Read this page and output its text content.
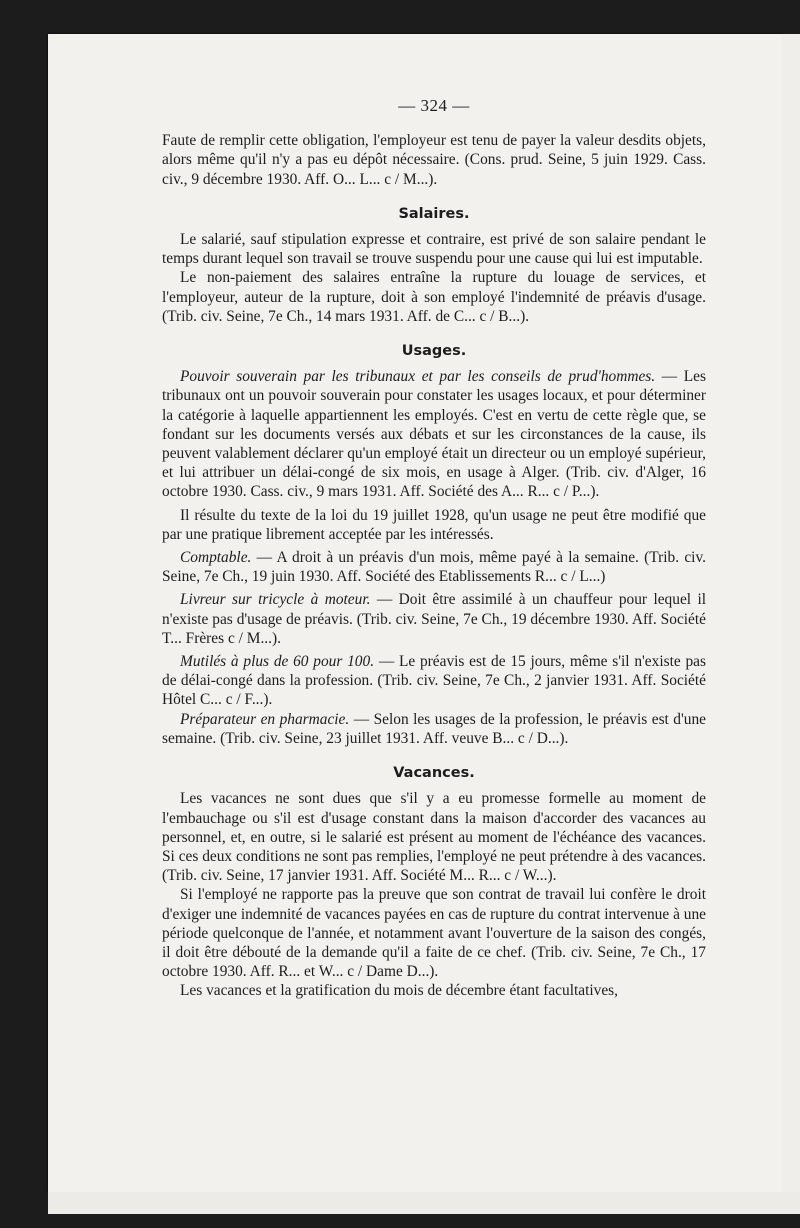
— 324 —

Faute de remplir cette obligation, l'employeur est tenu de payer la valeur desdits objets, alors même qu'il n'y a pas eu dépôt nécessaire. (Cons. prud. Seine, 5 juin 1929. Cass. civ., 9 décembre 1930. Aff. O... L... c / M...).

Salaires.

Le salarié, sauf stipulation expresse et contraire, est privé de son salaire pendant le temps durant lequel son travail se trouve suspendu pour une cause qui lui est imputable.

Le non-paiement des salaires entraîne la rupture du louage de services, et l'employeur, auteur de la rupture, doit à son employé l'indemnité de préavis d'usage. (Trib. civ. Seine, 7e Ch., 14 mars 1931. Aff. de C... c / B...).

Usages.

Pouvoir souverain par les tribunaux et par les conseils de prud'hommes. — Les tribunaux ont un pouvoir souverain pour constater les usages locaux, et pour déterminer la catégorie à laquelle appartiennent les employés. C'est en vertu de cette règle que, se fondant sur les documents versés aux débats et sur les circonstances de la cause, ils peuvent valablement déclarer qu'un employé était un directeur ou un employé supérieur, et lui attribuer un délai-congé de six mois, en usage à Alger. (Trib. civ. d'Alger, 16 octobre 1930. Cass. civ., 9 mars 1931. Aff. Société des A... R... c / P...).

Il résulte du texte de la loi du 19 juillet 1928, qu'un usage ne peut être modifié que par une pratique librement acceptée par les intéressés.

Comptable. — A droit à un préavis d'un mois, même payé à la semaine. (Trib. civ. Seine, 7e Ch., 19 juin 1930. Aff. Société des Etablissements R... c / L...)

Livreur sur tricycle à moteur. — Doit être assimilé à un chauffeur pour lequel il n'existe pas d'usage de préavis. (Trib. civ. Seine, 7e Ch., 19 décembre 1930. Aff. Société T... Frères c / M...).

Mutilés à plus de 60 pour 100. — Le préavis est de 15 jours, même s'il n'existe pas de délai-congé dans la profession. (Trib. civ. Seine, 7e Ch., 2 janvier 1931. Aff. Société Hôtel C... c / F...).

Préparateur en pharmacie. — Selon les usages de la profession, le préavis est d'une semaine. (Trib. civ. Seine, 23 juillet 1931. Aff. veuve B... c / D...).

Vacances.

Les vacances ne sont dues que s'il y a eu promesse formelle au moment de l'embauchage ou s'il est d'usage constant dans la maison d'accorder des vacances au personnel, et, en outre, si le salarié est présent au moment de l'échéance des vacances. Si ces deux conditions ne sont pas remplies, l'employé ne peut prétendre à des vacances. (Trib. civ. Seine, 17 janvier 1931. Aff. Société M... R... c / W...).

Si l'employé ne rapporte pas la preuve que son contrat de travail lui confère le droit d'exiger une indemnité de vacances payées en cas de rupture du contrat intervenue à une période quelconque de l'année, et notamment avant l'ouverture de la saison des congés, il doit être débouté de la demande qu'il a faite de ce chef. (Trib. civ. Seine, 7e Ch., 17 octobre 1930. Aff. R... et W... c / Dame D...).

Les vacances et la gratification du mois de décembre étant facultatives,
